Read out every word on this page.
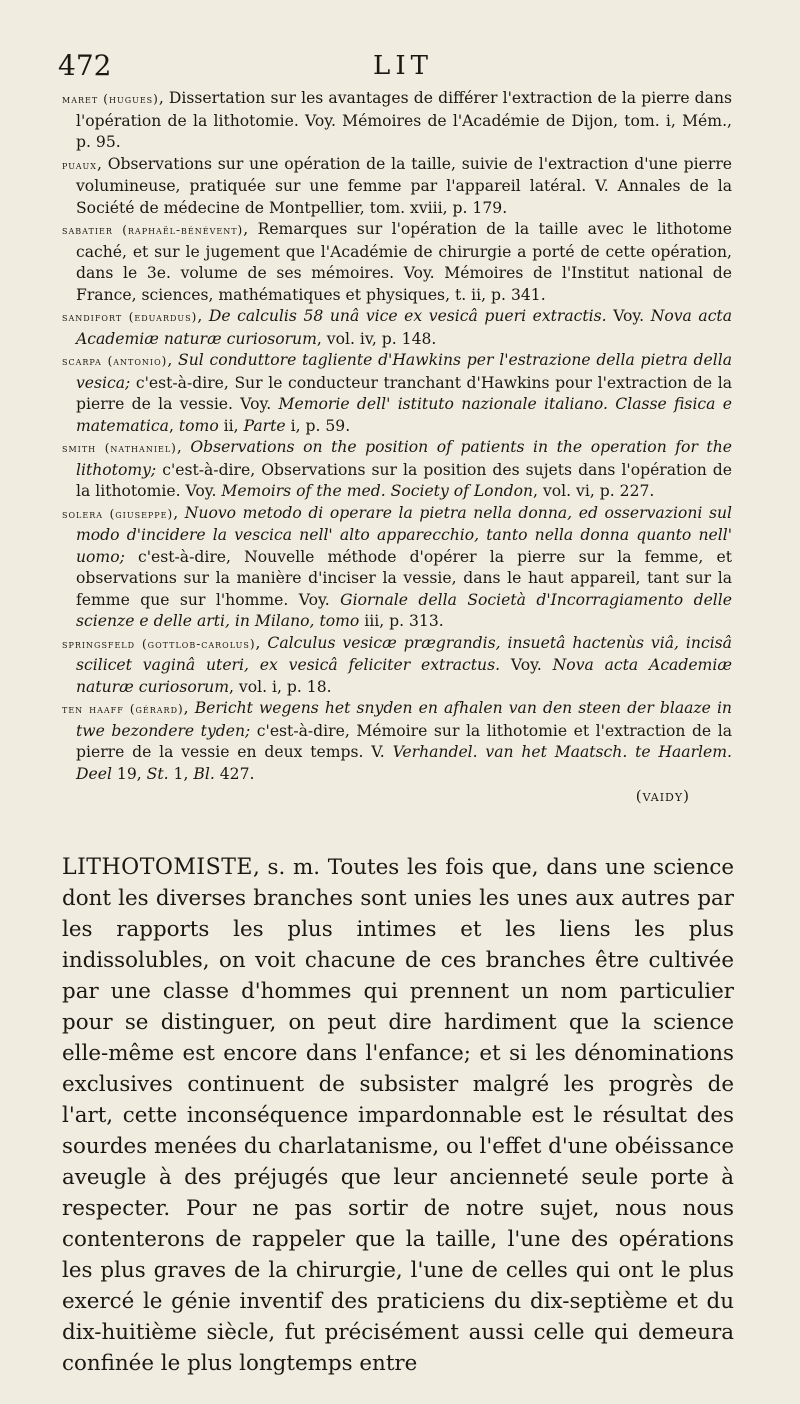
472	LIT

maret (hugues), Dissertation sur les avantages de différer l'extraction de la pierre dans l'opération de la lithotomie. Voy. Mémoires de l'Académie de Dijon, tom. i, Mém., p. 95.

puaux, Observations sur une opération de la taille, suivie de l'extraction d'une pierre volumineuse, pratiquée sur une femme par l'appareil latéral. V. Annales de la Société de médecine de Montpellier, tom. xviii, p. 179.

sabatier (raphaël-bénévent), Remarques sur l'opération de la taille avec le lithotome caché, et sur le jugement que l'Académie de chirurgie a porté de cette opération, dans le 3e. volume de ses mémoires. Voy. Mémoires de l'Institut national de France, sciences, mathématiques et physiques, t. ii, p. 341.

sandifort (eduardus), De calculis 58 unâ vice ex vesicâ pueri extractis. Voy. Nova acta Academiæ naturæ curiosorum, vol. iv, p. 148.

scarpa (antonio), Sul conduttore tagliente d'Hawkins per l'estrazione della pietra della vesica; c'est-à-dire, Sur le conducteur tranchant d'Hawkins pour l'extraction de la pierre de la vessie. Voy. Memorie dell' istituto nazionale italiano. Classe fisica e matematica, tomo ii, Parte i, p. 59.

smith (nathaniel), Observations on the position of patients in the operation for the lithotomy; c'est-à-dire, Observations sur la position des sujets dans l'opération de la lithotomie. Voy. Memoirs of the med. Society of London, vol. vi, p. 227.

solera (giuseppe), Nuovo metodo di operare la pietra nella donna, ed osservazioni sul modo d'incidere la vescica nell' alto apparecchio, tanto nella donna quanto nell' uomo; c'est-à-dire, Nouvelle méthode d'opérer la pierre sur la femme, et observations sur la manière d'inciser la vessie, dans le haut appareil, tant sur la femme que sur l'homme. Voy. Giornale della Società d'Incorragiamento delle scienze e delle arti, in Milano, tomo iii, p. 313.

springsfeld (gottlob-carolus), Calculus vesicæ prægrandis, insuetâ hactenùs viâ, incisâ scilicet vaginâ uteri, ex vesicâ feliciter extractus. Voy. Nova acta Academiæ naturæ curiosorum, vol. i, p. 18.

ten haaff (gérard), Bericht wegens het snyden en afhalen van den steen der blaaze in twe bezondere tyden; c'est-à-dire, Mémoire sur la lithotomie et l'extraction de la pierre de la vessie en deux temps. V. Verhandel. van het Maatsch. te Haarlem. Deel 19, St. 1, Bl. 427.

(vaidy)

LITHOTOMISTE, s. m. Toutes les fois que, dans une science dont les diverses branches sont unies les unes aux autres par les rapports les plus intimes et les liens les plus indissolubles, on voit chacune de ces branches être cultivée par une classe d'hommes qui prennent un nom particulier pour se distinguer, on peut dire hardiment que la science elle-même est encore dans l'enfance; et si les dénominations exclusives continuent de subsister malgré les progrès de l'art, cette inconséquence impardonnable est le résultat des sourdes menées du charlatanisme, ou l'effet d'une obéissance aveugle à des préjugés que leur ancienneté seule porte à respecter. Pour ne pas sortir de notre sujet, nous nous contenterons de rappeler que la taille, l'une des opérations les plus graves de la chirurgie, l'une de celles qui ont le plus exercé le génie inventif des praticiens du dix-septième et du dix-huitième siècle, fut précisément aussi celle qui demeura confinée le plus longtemps entre
